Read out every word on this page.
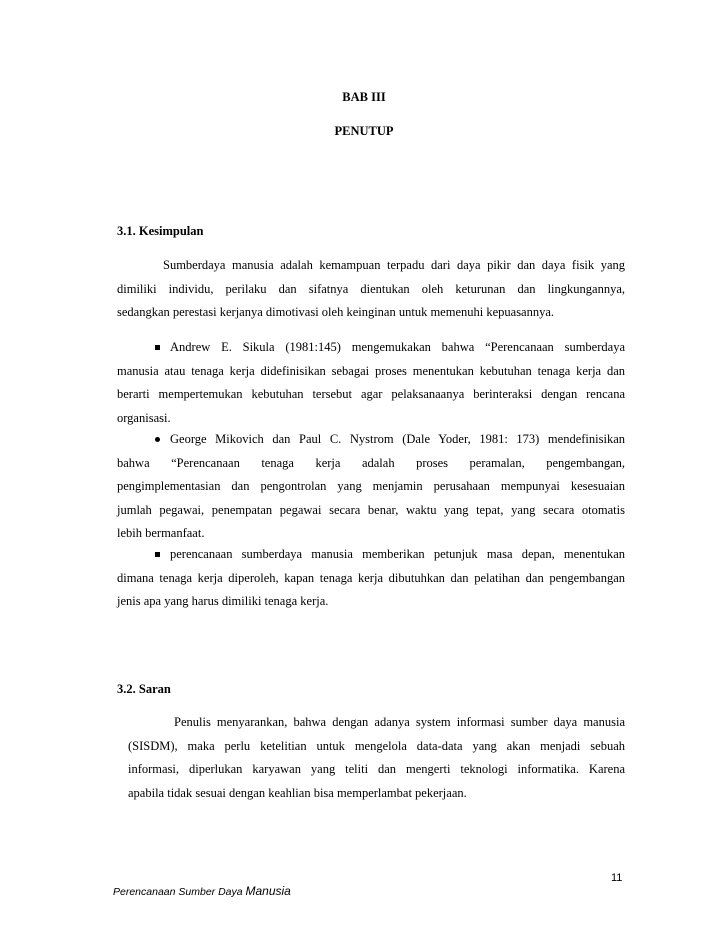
BAB III
PENUTUP
3.1. Kesimpulan
Sumberdaya manusia adalah kemampuan terpadu dari daya pikir dan daya fisik yang
dimiliki individu, perilaku dan sifatnya dientukan oleh keturunan dan lingkungannya,
sedangkan perestasi kerjanya dimotivasi oleh keinginan untuk memenuhi kepuasannya.
Andrew E. Sikula (1981:145) mengemukakan bahwa “Perencanaan sumberdaya
manusia atau tenaga kerja didefinisikan sebagai proses menentukan kebutuhan tenaga kerja dan
berarti mempertemukan kebutuhan tersebut agar pelaksanaanya berinteraksi dengan rencana
organisasi.
George Mikovich dan Paul C. Nystrom (Dale Yoder, 1981: 173) mendefinisikan
bahwa    “Perencanaan    tenaga    kerja    adalah    proses    peramalan,    pengembangan,
pengimplementasian dan pengontrolan yang menjamin perusahaan mempunyai kesesuaian
jumlah pegawai, penempatan pegawai secara benar, waktu yang tepat, yang secara otomatis
lebih bermanfaat.
perencanaan sumberdaya manusia memberikan petunjuk masa depan, menentukan
dimana tenaga kerja diperoleh, kapan tenaga kerja dibutuhkan dan pelatihan dan pengembangan
jenis apa yang harus dimiliki tenaga kerja.
3.2. Saran
Penulis menyarankan, bahwa dengan adanya system informasi sumber daya manusia
(SISDM), maka perlu ketelitian untuk mengelola data-data yang akan menjadi sebuah
informasi, diperlukan karyawan yang teliti dan mengerti teknologi informatika. Karena
apabila tidak sesuai dengan keahlian bisa memperlambat pekerjaan.
11
Perencanaan Sumber Daya Manusia
